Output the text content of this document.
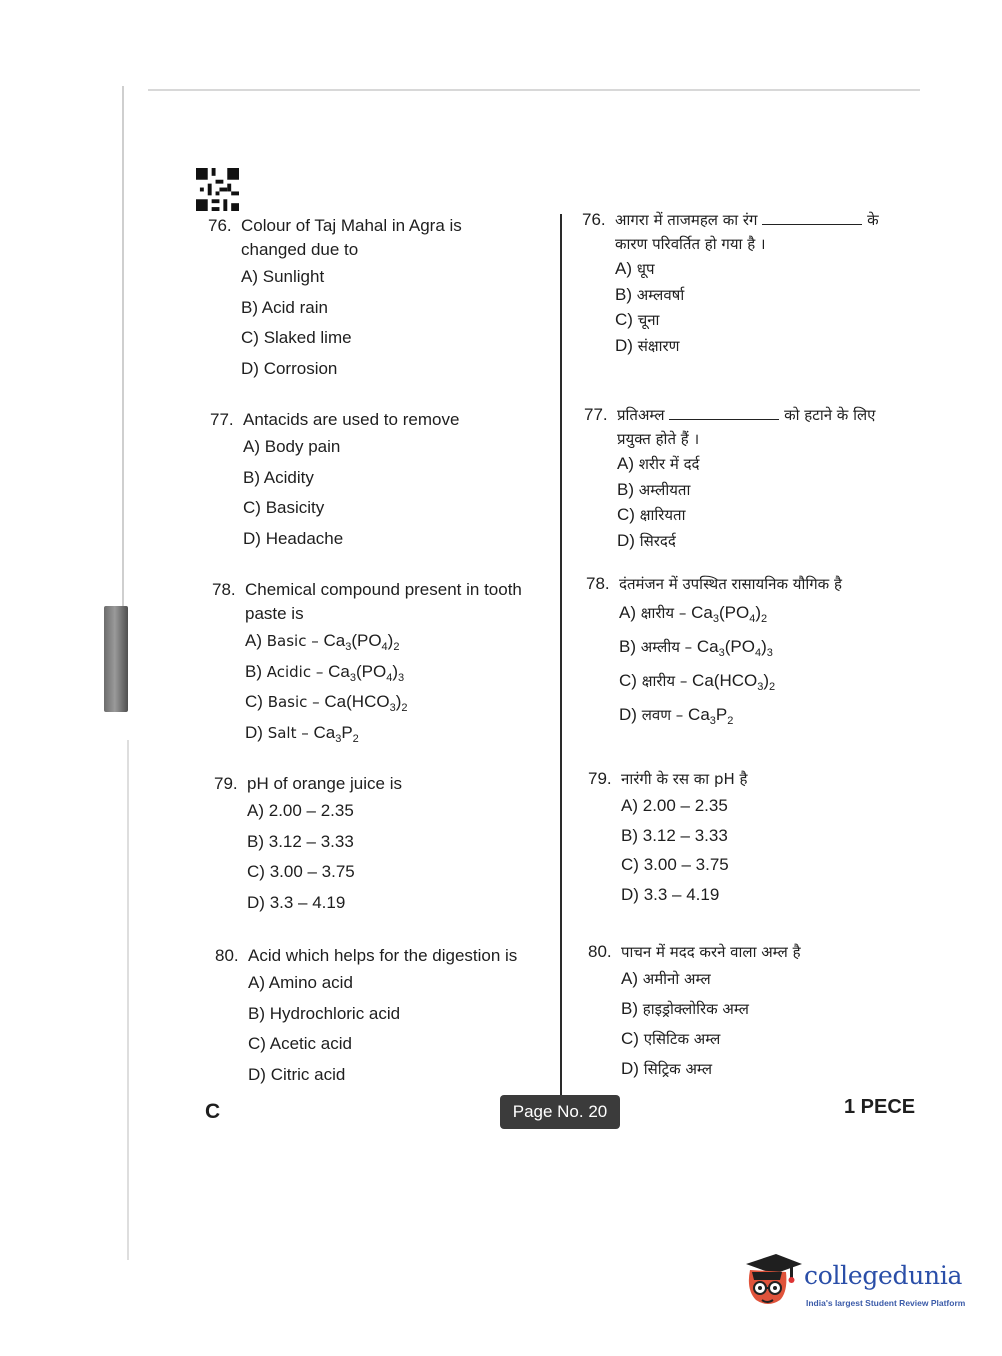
76. Colour of Taj Mahal in Agra is
changed due to
A) Sunlight
B) Acid rain
C) Slaked lime
D) Corrosion
77. Antacids are used to remove
A) Body pain
B) Acidity
C) Basicity
D) Headache
78. Chemical compound present in tooth
paste is
A) Basic – $Ca_3(PO_4)_2$
B) Acidic – $Ca_3(PO_4)_3$
C) Basic – $Ca(HCO_3)_2$
D) Salt – $Ca_3P_2$
79. pH of orange juice is
A) 2.00 – 2.35
B) 3.12 – 3.33
C) 3.00 – 3.75
D) 3.3 – 4.19
80. Acid which helps for the digestion is
A) Amino acid
B) Hydrochloric acid
C) Acetic acid
D) Citric acid
76. आगरा में ताजमहल का रंग	के
कारण परिवर्तित हो गया है ।
A) धूप
B) अम्लवर्षा
C) चूना
D) संक्षारण
77. प्रतिअम्ल	को हटाने के लिए
प्रयुक्त होते हैं ।
A) शरीर में दर्द
B) अम्लीयता
C) क्षारियता
D) सिरदर्द
78. दंतमंजन में उपस्थित रासायनिक यौगिक है
A) क्षारीय – $Ca_3(PO_4)_2$
B) अम्लीय – $Ca_3(PO_4)_3$
C) क्षारीय – $Ca(HCO_3)_2$
D) लवण – $Ca_3P_2$
79. नारंगी के रस का pH है
A) 2.00 – 2.35
B) 3.12 – 3.33
C) 3.00 – 3.75
D) 3.3 – 4.19
80. पाचन में मदद करने वाला अम्ल है
A) अमीनो अम्ल
B) हाइड्रोक्लोरिक अम्ल
C) एसिटिक अम्ल
D) सिट्रिक अम्ल
C	Page No. 20	1 PECE
collegedunia
India's largest Student Review Platform
